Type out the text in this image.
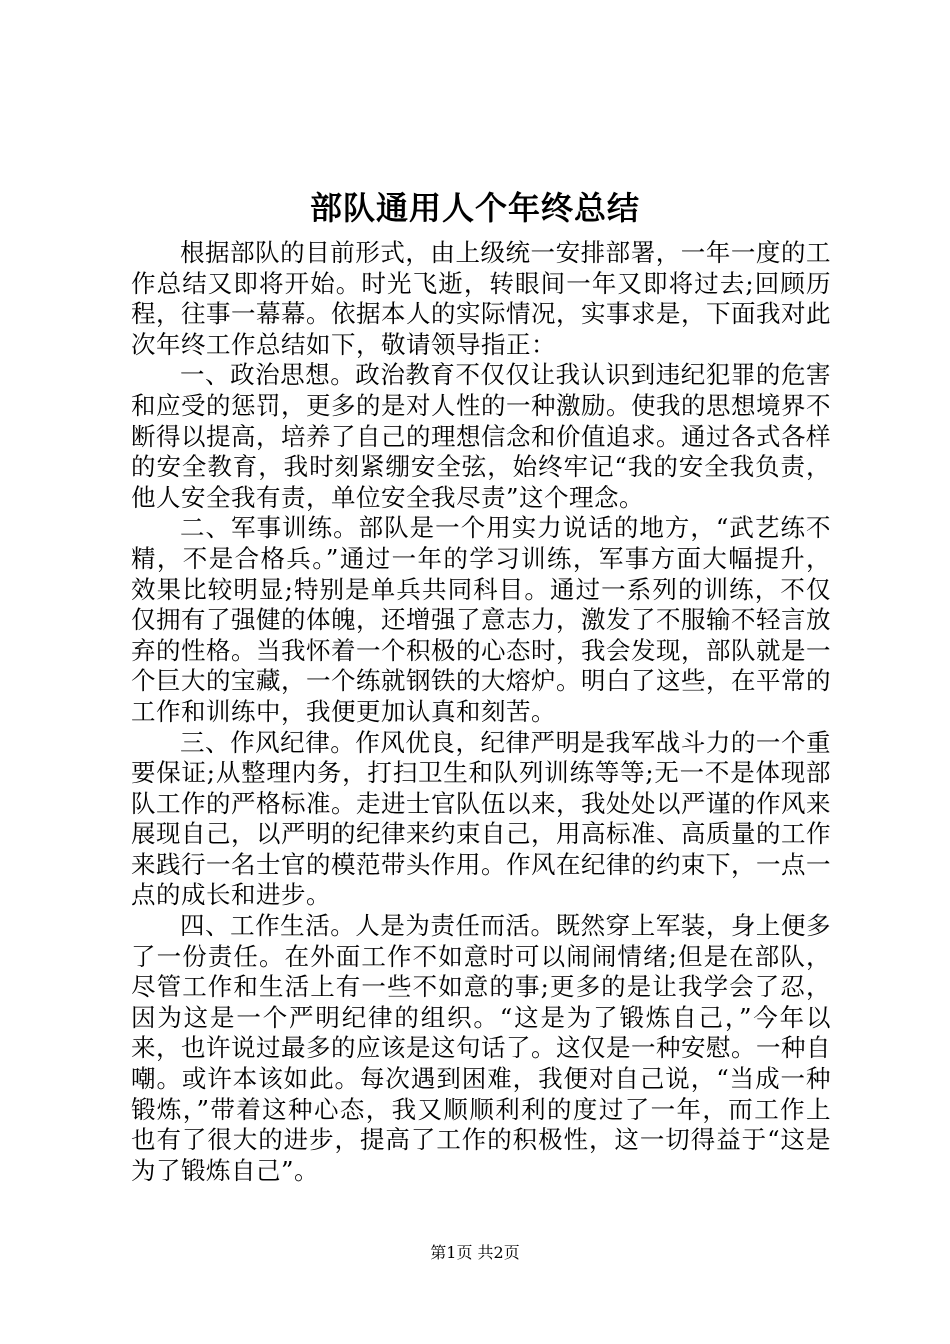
部队通用人个年终总结

根据部队的目前形式，由上级统一安排部署，一年一度的工作总结又即将开始。时光飞逝，转眼间一年又即将过去;回顾历程，往事一幕幕。依据本人的实际情况，实事求是，下面我对此次年终工作总结如下，敬请领导指正：

一、政治思想。政治教育不仅仅让我认识到违纪犯罪的危害和应受的惩罚，更多的是对人性的一种激励。使我的思想境界不断得以提高，培养了自己的理想信念和价值追求。通过各式各样的安全教育，我时刻紧绷安全弦，始终牢记“我的安全我负责，他人安全我有责，单位安全我尽责”这个理念。

二、军事训练。部队是一个用实力说话的地方，“武艺练不精，不是合格兵。”通过一年的学习训练，军事方面大幅提升，效果比较明显;特别是单兵共同科目。通过一系列的训练，不仅仅拥有了强健的体魄，还增强了意志力，激发了不服输不轻言放弃的性格。当我怀着一个积极的心态时，我会发现，部队就是一个巨大的宝藏，一个练就钢铁的大熔炉。明白了这些，在平常的工作和训练中，我便更加认真和刻苦。

三、作风纪律。作风优良，纪律严明是我军战斗力的一个重要保证;从整理内务，打扫卫生和队列训练等等;无一不是体现部队工作的严格标准。走进士官队伍以来，我处处以严谨的作风来展现自己，以严明的纪律来约束自己，用高标准、高质量的工作来践行一名士官的模范带头作用。作风在纪律的约束下，一点一点的成长和进步。

四、工作生活。人是为责任而活。既然穿上军装，身上便多了一份责任。在外面工作不如意时可以闹闹情绪;但是在部队，尽管工作和生活上有一些不如意的事;更多的是让我学会了忍，因为这是一个严明纪律的组织。“这是为了锻炼自己，”今年以来，也许说过最多的应该是这句话了。这仅是一种安慰。一种自嘲。或许本该如此。每次遇到困难，我便对自己说，“当成一种锻炼，”带着这种心态，我又顺顺利利的度过了一年，而工作上也有了很大的进步，提高了工作的积极性，这一切得益于“这是为了锻炼自己”。

第1页 共2页
